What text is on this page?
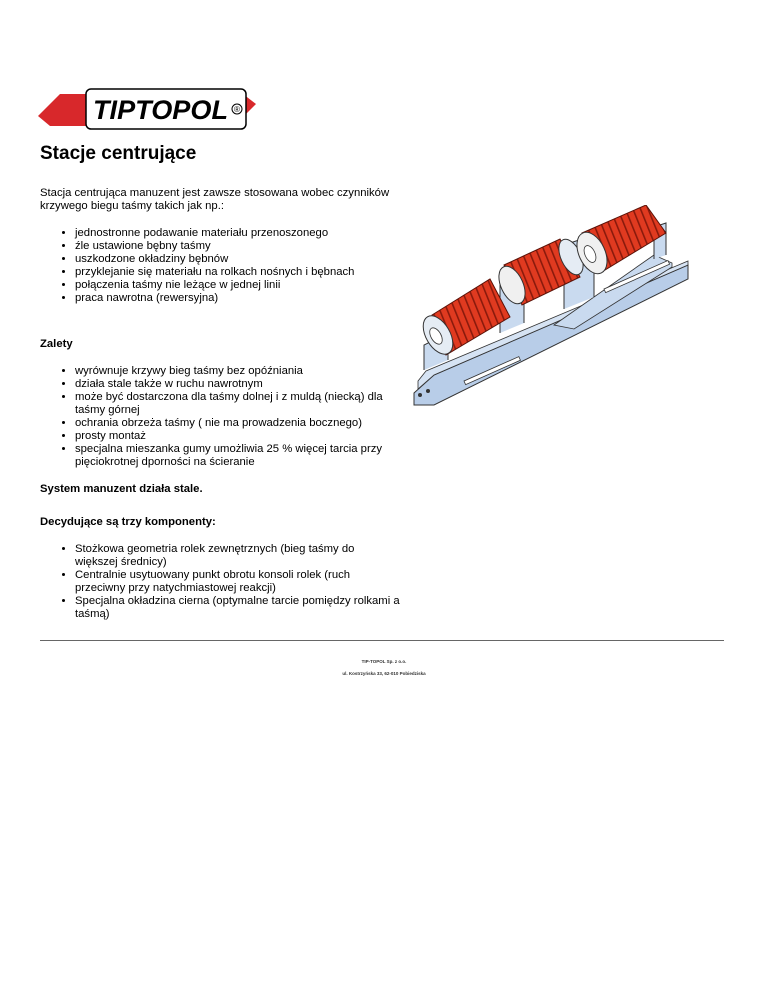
TIPTOPOL ®
Stacje centrujące

Stacja centrująca manuzent jest zawsze stosowana wobec czynników krzywego biegu taśmy takich jak np.:

• jednostronne podawanie materiału przenoszonego
• źle ustawione bębny taśmy
• uszkodzone okładziny bębnów
• przyklejanie się materiału na rolkach nośnych i bębnach
• połączenia taśmy nie leżące w jednej linii
• praca nawrotna (rewersyjna)

Zalety

• wyrównuje krzywy bieg taśmy bez opóźniania
• działa stale także w ruchu nawrotnym
• może być dostarczona dla taśmy dolnej i z muldą (niecką) dla taśmy górnej
• ochrania obrzeża taśmy ( nie ma prowadzenia bocznego)
• prosty montaż
• specjalna mieszanka gumy umożliwia 25 % więcej tarcia przy pięciokrotnej dporności na ścieranie

System manuzent działa stale.

Decydujące są trzy komponenty:

• Stożkowa geometria rolek zewnętrznych (bieg taśmy do większej średnicy)
• Centralnie usytuowany punkt obrotu konsoli rolek (ruch przeciwny przy natychmiastowej reakcji)
• Specjalna okładzina cierna (optymalne tarcie pomiędzy rolkami a taśmą)
TIP-TOPOL Sp. z o.o.
ul. Kostrzyńska 33, 62-010 Pobiedziska
